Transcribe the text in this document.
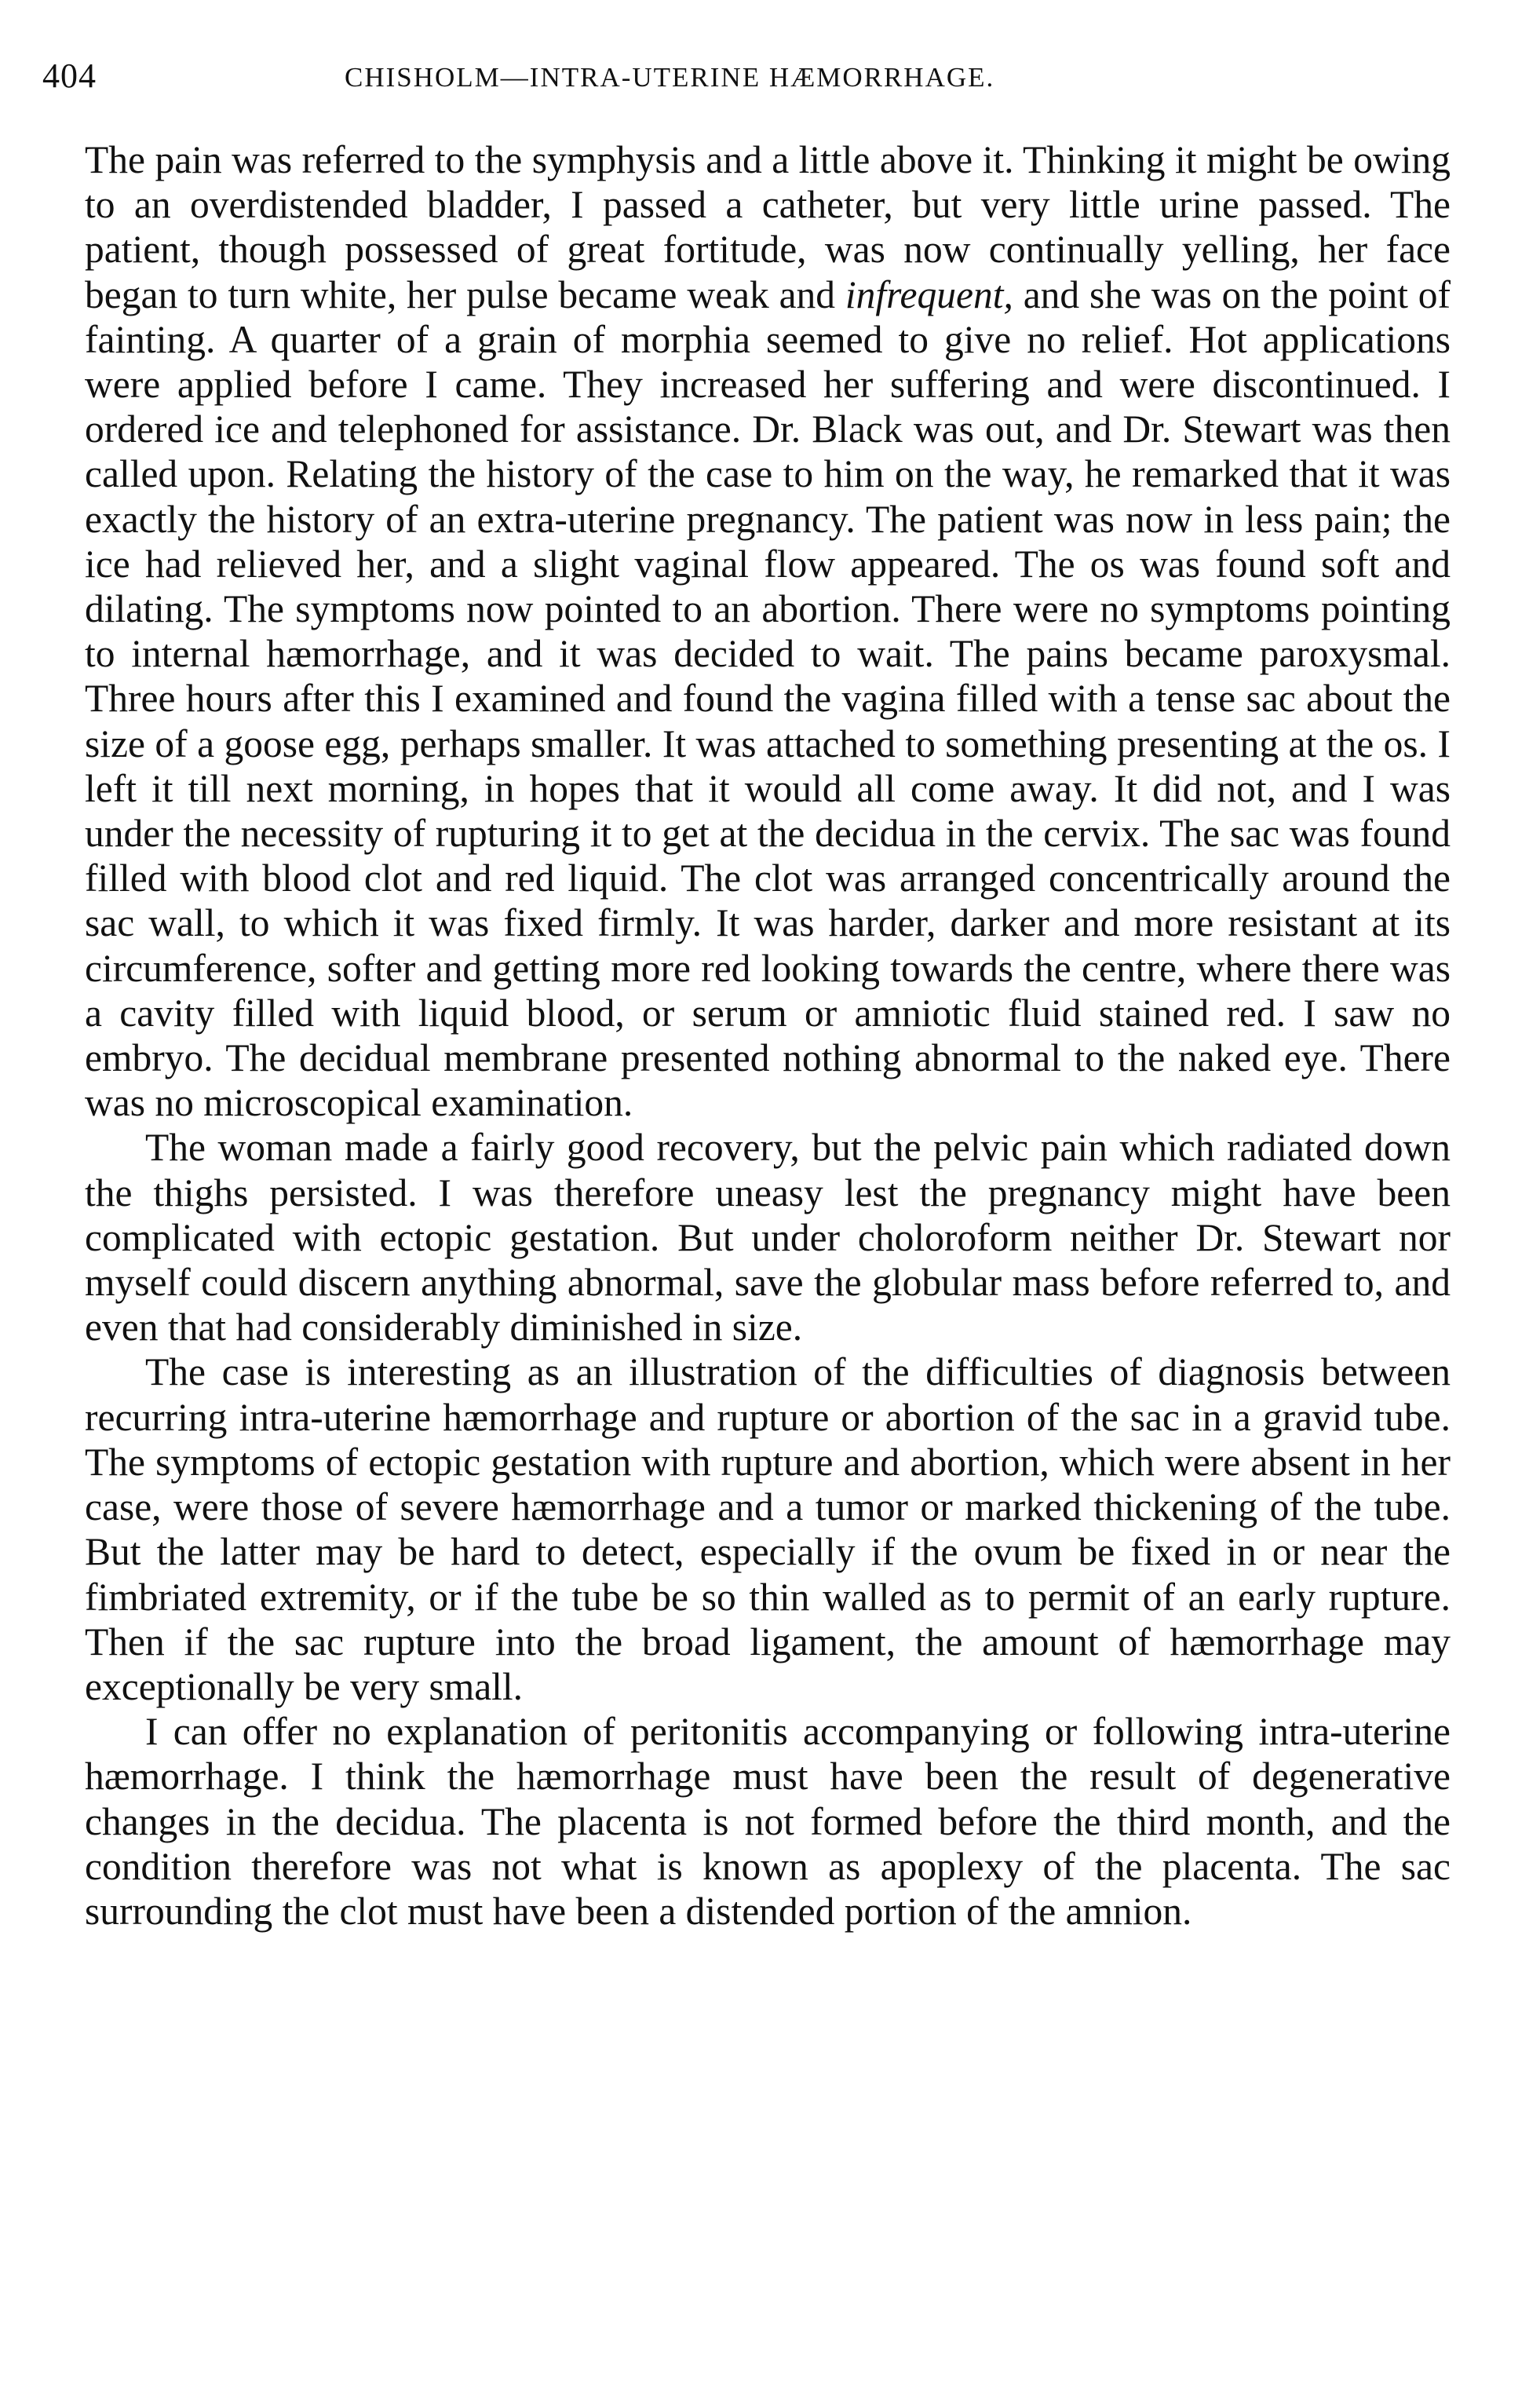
404	CHISHOLM—INTRA-UTERINE HÆMORRHAGE.

The pain was referred to the symphysis and a little above it. Thinking it might be owing to an overdistended bladder, I passed a catheter, but very little urine passed. The patient, though possessed of great fortitude, was now continually yelling, her face began to turn white, her pulse became weak and infrequent, and she was on the point of fainting. A quarter of a grain of morphia seemed to give no relief. Hot applications were applied before I came. They increased her suffering and were discontinued. I ordered ice and telephoned for assistance. Dr. Black was out, and Dr. Stewart was then called upon. Relating the history of the case to him on the way, he remarked that it was exactly the history of an extra-uterine pregnancy. The patient was now in less pain; the ice had relieved her, and a slight vaginal flow appeared. The os was found soft and dilating. The symptoms now pointed to an abortion. There were no symptoms pointing to internal hæmorrhage, and it was decided to wait. The pains became paroxysmal. Three hours after this I examined and found the vagina filled with a tense sac about the size of a goose egg, perhaps smaller. It was attached to something presenting at the os. I left it till next morning, in hopes that it would all come away. It did not, and I was under the necessity of rupturing it to get at the decidua in the cervix. The sac was found filled with blood clot and red liquid. The clot was arranged concentrically around the sac wall, to which it was fixed firmly. It was harder, darker and more resistant at its circumference, softer and getting more red looking towards the centre, where there was a cavity filled with liquid blood, or serum or amniotic fluid stained red. I saw no embryo. The decidual membrane presented nothing abnormal to the naked eye. There was no microscopical examination.

The woman made a fairly good recovery, but the pelvic pain which radiated down the thighs persisted. I was therefore uneasy lest the pregnancy might have been complicated with ectopic gestation. But under choloroform neither Dr. Stewart nor myself could discern anything abnormal, save the globular mass before referred to, and even that had considerably diminished in size.

The case is interesting as an illustration of the difficulties of diagnosis between recurring intra-uterine hæmorrhage and rupture or abortion of the sac in a gravid tube. The symptoms of ectopic gestation with rupture and abortion, which were absent in her case, were those of severe hæmorrhage and a tumor or marked thickening of the tube. But the latter may be hard to detect, especially if the ovum be fixed in or near the fimbriated extremity, or if the tube be so thin walled as to permit of an early rupture. Then if the sac rupture into the broad ligament, the amount of hæmorrhage may exceptionally be very small.

I can offer no explanation of peritonitis accompanying or following intra-uterine hæmorrhage. I think the hæmorrhage must have been the result of degenerative changes in the decidua. The placenta is not formed before the third month, and the condition therefore was not what is known as apoplexy of the placenta. The sac surrounding the clot must have been a distended portion of the amnion.
